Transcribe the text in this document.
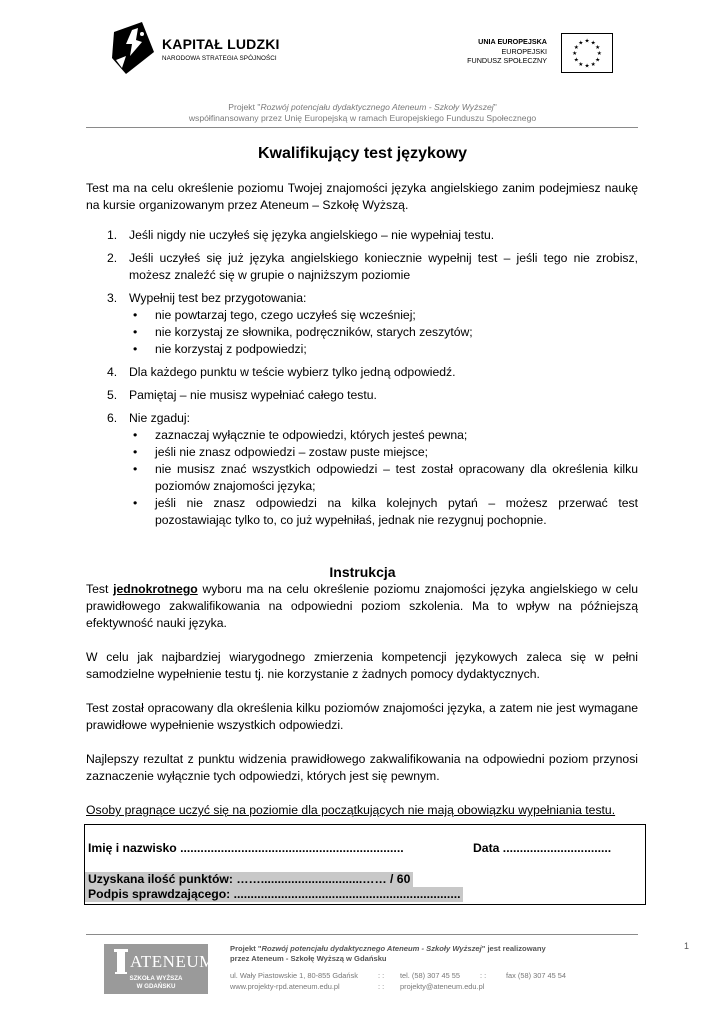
KAPITAŁ LUDZKI
NARODOWA STRATEGIA SPÓJNOŚCI
UNIA EUROPEJSKA
EUROPEJSKI
FUNDUSZ SPOŁECZNY
★
★
★
★
★
★
★
★
★ ★ ★
★
Projekt "Rozwój potencjału dydaktycznego Ateneum - Szkoły Wyższej"
współfinansowany przez Unię Europejską w ramach Europejskiego Funduszu Społecznego
Kwalifikujący test językowy

Test ma na celu określenie poziomu Twojej znajomości języka angielskiego zanim podejmiesz naukę na kursie organizowanym przez Ateneum – Szkołę Wyższą.

1. Jeśli nigdy nie uczyłeś się języka angielskiego – nie wypełniaj testu.
2. Jeśli uczyłeś się już języka angielskiego koniecznie wypełnij test – jeśli tego nie zrobisz, możesz znaleźć się w grupie o najniższym poziomie
3. Wypełnij test bez przygotowania:
• nie powtarzaj tego, czego uczyłeś się wcześniej;
• nie korzystaj ze słownika, podręczników, starych zeszytów;
• nie korzystaj z podpowiedzi;
4. Dla każdego punktu w teście wybierz tylko jedną odpowiedź.
5. Pamiętaj – nie musisz wypełniać całego testu.
6. Nie zgaduj:
• zaznaczaj wyłącznie te odpowiedzi, których jesteś pewna;
• jeśli nie znasz odpowiedzi – zostaw puste miejsce;
• nie musisz znać wszystkich odpowiedzi – test został opracowany dla określenia kilku poziomów znajomości języka;
• jeśli nie znasz odpowiedzi na kilka kolejnych pytań – możesz przerwać test pozostawiając tylko to, co już wypełniłaś, jednak nie rezygnuj pochopnie.
Instrukcja

Test jednokrotnego wyboru ma na celu określenie poziomu znajomości języka angielskiego w celu prawidłowego zakwalifikowania na odpowiedni poziom szkolenia. Ma to wpływ na późniejszą efektywność nauki języka.

W celu jak najbardziej wiarygodnego zmierzenia kompetencji językowych zaleca się w pełni samodzielne wypełnienie testu tj. nie korzystanie z żadnych pomocy dydaktycznych.

Test został opracowany dla określenia kilku poziomów znajomości języka, a zatem nie jest wymagane prawidłowe wypełnienie wszystkich odpowiedzi.

Najlepszy rezultat z punktu widzenia prawidłowego zakwalifikowania na odpowiedni poziom przynosi zaznaczenie wyłącznie tych odpowiedzi, których jest się pewnym.

Osoby pragnące uczyć się na poziomie dla początkujących nie mają obowiązku wypełniania testu.

Imię i nazwisko ..................................................................	Data ................................
Uzyskana ilość punktów: ……..............................…… / 60
Podpis sprawdzającego: ...................................................................
1
ATENEUM
SZKOŁA WYŻSZA
W GDAŃSKU
Projekt "Rozwój potencjału dydaktycznego Ateneum - Szkoły Wyższej" jest realizowany
przez Ateneum - Szkołę Wyższą w Gdańsku
ul. Wały Piastowskie 1, 80-855 Gdańsk
www.projekty-rpd.ateneum.edu.pl
: :
: :
tel. (58) 307 45 55
projekty@ateneum.edu.pl
: :	fax (58) 307 45 54
